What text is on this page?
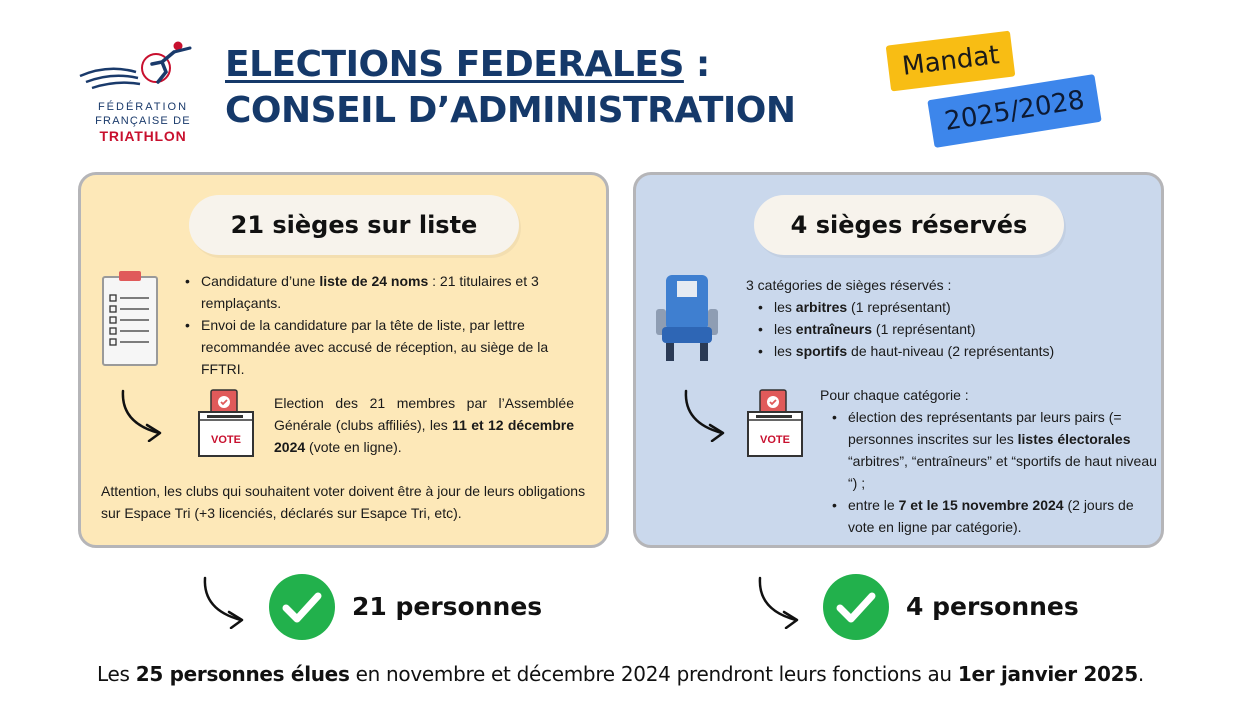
FÉDÉRATION
FRANÇAISE DE
TRIATHLON
ELECTIONS FEDERALES :
CONSEIL D’ADMINISTRATION
Mandat
2025/2028
21 sièges sur liste
• Candidature d’une liste de 24 noms : 21 titulaires et 3 remplaçants.
• Envoi de la candidature par la tête de liste, par lettre recommandée avec accusé de réception, au siège de la FFTRI.
VOTE
Election des 21 membres par l’Assemblée Générale (clubs affiliés), les 11 et 12 décembre 2024 (vote en ligne).
Attention, les clubs qui souhaitent voter doivent être à jour de leurs obligations sur Espace Tri (+3 licenciés, déclarés sur Esapce Tri, etc).
4 sièges réservés
3 catégories de sièges réservés :
• les arbitres (1 représentant)
• les entraîneurs (1 représentant)
• les sportifs de haut-niveau (2 représentants)
VOTE
Pour chaque catégorie :
• élection des représentants par leurs pairs (= personnes inscrites sur les listes électorales “arbitres”, “entraîneurs” et “sportifs de haut niveau “) ;
• entre le 7 et le 15 novembre 2024 (2 jours de vote en ligne par catégorie).
21 personnes	4 personnes
Les 25 personnes élues en novembre et décembre 2024 prendront leurs fonctions au 1er janvier 2025.
